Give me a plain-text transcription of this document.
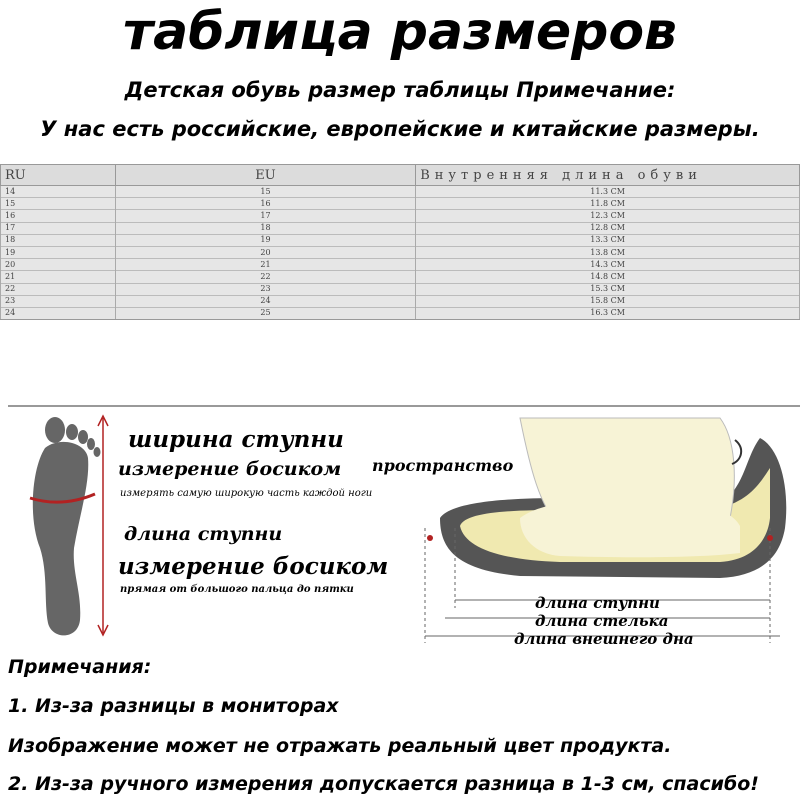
таблица размеров
Детская обувь размер таблицы Примечание:
У нас есть российские, европейские и китайские размеры.
RU	EU	Внутренняя длина обуви
14	15	11.3 CM
15	16	11.8 CM
16	17	12.3 CM
17	18	12.8 CM
18	19	13.3 CM
19	20	13.8 CM
20	21	14.3 CM
21	22	14.8 CM
22	23	15.3 CM
23	24	15.8 CM
24	25	16.3 CM
ширина ступни
измерение босиком
измерять самую широкую часть каждой ноги
длина ступни
измерение босиком
прямая от большого пальца до пятки
пространство
длина ступни
длина стелька
длина внешнего дна
Примечания:
1. Из-за разницы в мониторах
Изображение может не отражать реальный цвет продукта.
2. Из-за ручного измерения допускается разница в 1-3 см, спасибо!
